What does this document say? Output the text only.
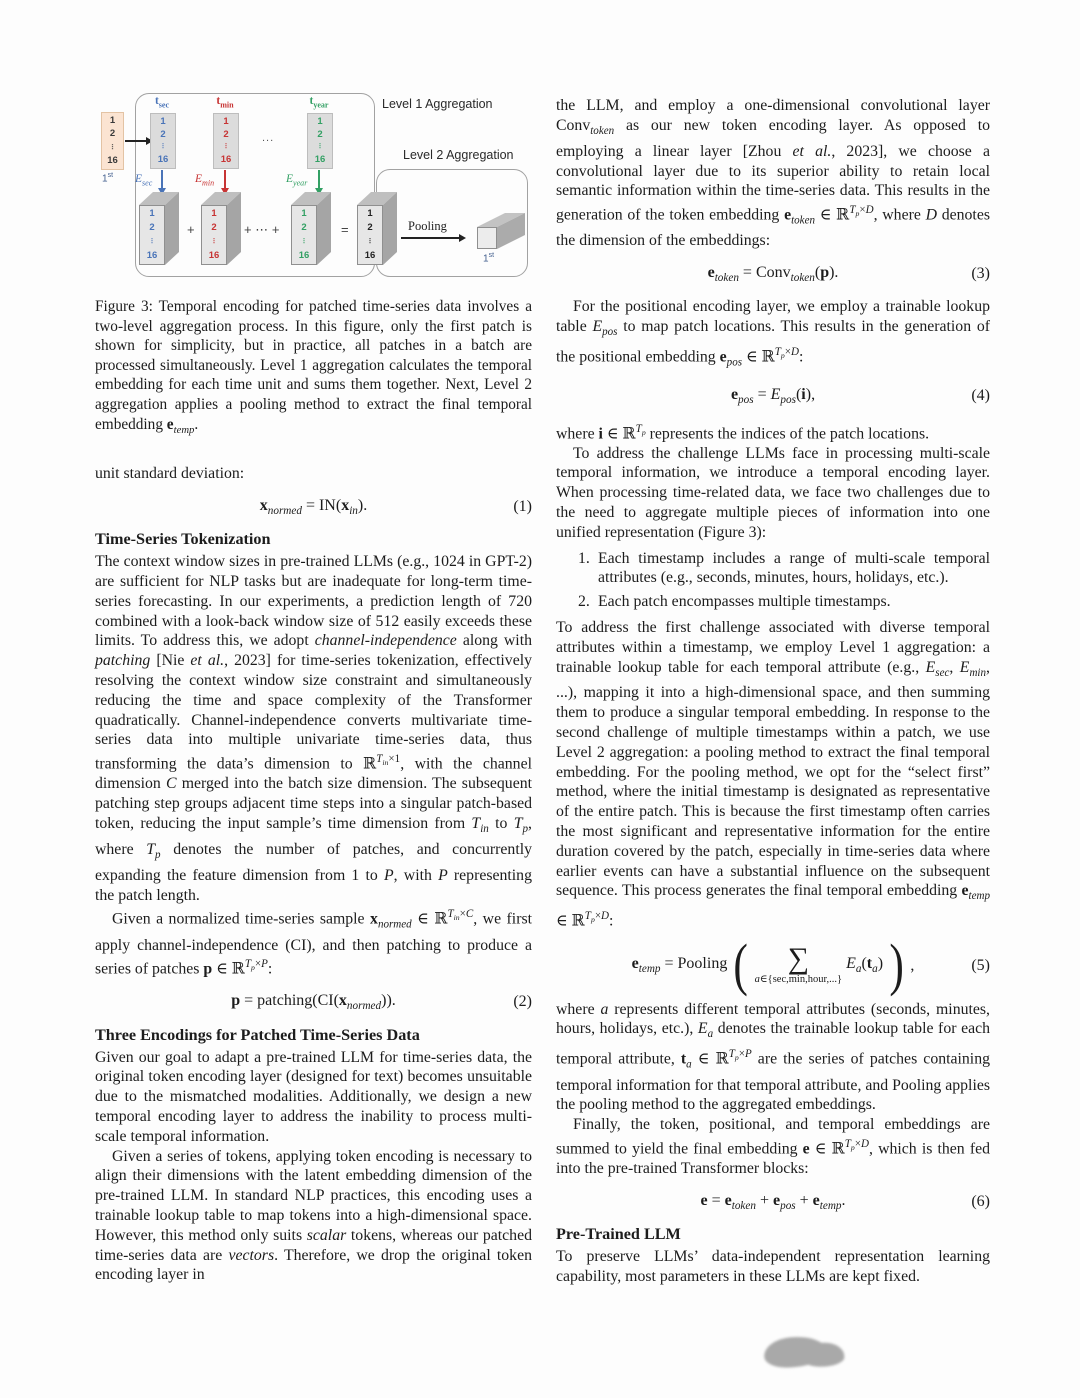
Level 1 Aggregation
Level 2 Aggregation
1
2
⋮
16
1st
$t_{sec}$	$t_{min}$	$t_{year}$
1
2
⋮
16
1
2
⋮
16
...
1
2
⋮
16
$E_{sec}$	$E_{min}$	$E_{year}$
1
2
⋮
16
+
1
2
⋮
16
+ ⋯ +
1
2
⋮
16
=
1
2
⋮
16
Pooling
1st

Figure 3: Temporal encoding for patched time-series data involves a two-level aggregation process. In this figure, only the first patch is shown for simplicity, but in practice, all patches in a batch are processed simultaneously. Level 1 aggregation calculates the temporal embedding for each time unit and sums them together. Next, Level 2 aggregation applies a pooling method to extract the final temporal embedding $e_{temp}$.

unit standard deviation:

$x_{normed} = IN(x_{in})$.	(1)
Time-Series Tokenization

The context window sizes in pre-trained LLMs (e.g., 1024 in GPT-2) are sufficient for NLP tasks but are inadequate for long-term time-series forecasting. In our experiments, a prediction length of 720 combined with a look-back window size of 512 easily exceeds these limits. To address this, we adopt channel-independence along with patching [Nie et al., 2023] for time-series tokenization, effectively resolving the context window size constraint and simultaneously reducing the time and space complexity of the Transformer quadratically. Channel-independence converts multivariate time-series data into multiple univariate time-series data, thus transforming the data’s dimension to ℝ$^{T_{in}\times 1}$, with the channel dimension C merged into the batch size dimension. The subsequent patching step groups adjacent time steps into a singular patch-based token, reducing the input sample’s time dimension from $T_{in}$ to $T_p$, where $T_p$ denotes the number of patches, and concurrently expanding the feature dimension from 1 to P, with P representing the patch length.

Given a normalized time-series sample $x_{normed}$ ∈ ℝ$^{T_{in}\times C}$, we first apply channel-independence (CI), and then patching to produce a series of patches p ∈ ℝ$^{T_p\times P}$:

$p = patching(CI(x_{normed}))$.	(2)
Three Encodings for Patched Time-Series Data

Given our goal to adapt a pre-trained LLM for time-series data, the original token encoding layer (designed for text) becomes unsuitable due to the mismatched modalities. Additionally, we design a new temporal encoding layer to address the inability to process multi-scale temporal information.

Given a series of tokens, applying token encoding is necessary to align their dimensions with the latent embedding dimension of the pre-trained LLM. In standard NLP practices, this encoding uses a trainable lookup table to map tokens into a high-dimensional space. However, this method only suits scalar tokens, whereas our patched time-series data are vectors. Therefore, we drop the original token encoding layer in

the LLM, and employ a one-dimensional convolutional layer Conv$_{token}$ as our new token encoding layer. As opposed to employing a linear layer [Zhou et al., 2023], we choose a convolutional layer due to its superior ability to retain local semantic information within the time-series data. This results in the generation of the token embedding $e_{token}$ ∈ ℝ$^{T_p\times D}$, where D denotes the dimension of the embeddings:

$e_{token}$ = Conv$_{token}$(p).	(3)

For the positional encoding layer, we employ a trainable lookup table $E_{pos}$ to map patch locations. This results in the generation of the positional embedding $e_{pos}$ ∈ ℝ$^{T_p\times D}$:

$e_{pos} = E_{pos}(i)$,	(4)

where i ∈ ℝ$^{T_p}$ represents the indices of the patch locations.

To address the challenge LLMs face in processing multi-scale temporal information, we introduce a temporal encoding layer. When processing time-related data, we face two challenges due to the need to aggregate multiple pieces of information into one unified representation (Figure 3):

1. Each timestamp includes a range of multi-scale temporal attributes (e.g., seconds, minutes, hours, holidays, etc.).
2. Each patch encompasses multiple timestamps.

To address the first challenge associated with diverse temporal attributes within a timestamp, we employ Level 1 aggregation: a trainable lookup table for each temporal attribute (e.g., $E_{sec}$, $E_{min}$, ...), mapping it into a high-dimensional space, and then summing them to produce a singular temporal embedding. In response to the second challenge of multiple timestamps within a patch, we use Level 2 aggregation: a pooling method to extract the final temporal embedding. For the pooling method, we opt for the “select first” method, where the initial timestamp is designated as representative of the entire patch. This is because the first timestamp often carries the most significant and representative information for the entire duration covered by the patch, especially in time-series data where earlier events can have a substantial influence on the subsequent sequence. This process generates the final temporal embedding $e_{temp}$ ∈ ℝ$^{T_p\times D}$:

$e_{temp}$ = Pooling ( ∑
a∈{sec,min,hour,...}
$E_a(t_a)$ ) ,	(5)

where a represents different temporal attributes (seconds, minutes, hours, holidays, etc.), $E_a$ denotes the trainable lookup table for each temporal attribute, $t_a$ ∈ ℝ$^{T_p\times P}$ are the series of patches containing temporal information for that temporal attribute, and Pooling applies the pooling method to the aggregated embeddings.

Finally, the token, positional, and temporal embeddings are summed to yield the final embedding e ∈ ℝ$^{T_p\times D}$, which is then fed into the pre-trained Transformer blocks:

$e = e_{token} + e_{pos} + e_{temp}$.	(6)
Pre-Trained LLM

To preserve LLMs’ data-independent representation learning capability, most parameters in these LLMs are kept fixed.
